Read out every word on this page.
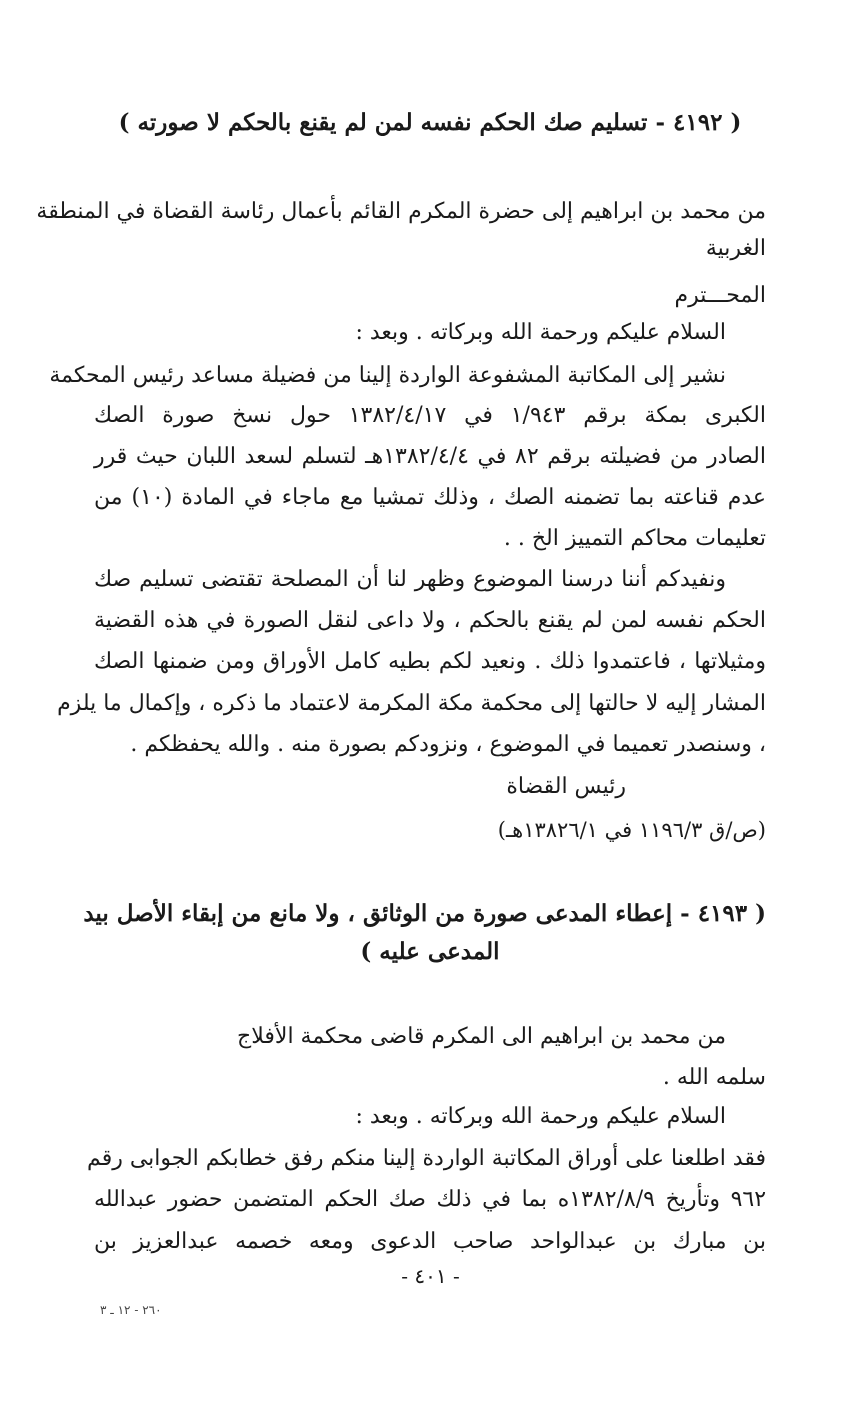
( ٤١٩٢ - تسليم صك الحكم نفسه لمن لم يقنع بالحكم لا صورته )
من محمد بن ابراهيم إلى حضرة المكرم القائم بأعمال رئاسة القضاة في المنطقة
الغربية
المحـــترم
السلام عليكم ورحمة الله وبركاته . وبعد :
نشير إلى المكاتبة المشفوعة الواردة إلينا من فضيلة مساعد رئيس المحكمة
الكبرى بمكة برقم ١/٩٤٣ في ١٣٨٢/٤/١٧ حول نسخ صورة الصك
الصادر من فضيلته برقم ٨٢ في ١٣٨٢/٤/٤هـ لتسلم لسعد اللبان حيث قرر
عدم قناعته بما تضمنه الصك ، وذلك تمشيا مع ماجاء في المادة (١٠) من
تعليمات محاكم التمييز الخ . .
ونفيدكم أننا درسنا الموضوع وظهر لنا أن المصلحة تقتضى تسليم صك
الحكم نفسه لمن لم يقنع بالحكم ، ولا داعى لنقل الصورة في هذه القضية
ومثيلاتها ، فاعتمدوا ذلك . ونعيد لكم بطيه كامل الأوراق ومن ضمنها الصك
المشار إليه لا حالتها إلى محكمة مكة المكرمة لاعتماد ما ذكره ، وإكمال ما يلزم
، وسنصدر تعميما في الموضوع ، ونزودكم بصورة منه . والله يحفظكم .
رئيس القضاة
(ص/ق ١١٩٦/٣ في ١٣٨٢٦/١هـ)
( ٤١٩٣ - إعطاء المدعى صورة من الوثائق ، ولا مانع من إبقاء الأصل بيد
المدعى عليه )
من محمد بن ابراهيم الى المكرم قاضى محكمة الأفلاج
سلمه الله .
السلام عليكم ورحمة الله وبركاته . وبعد :
فقد اطلعنا على أوراق المكاتبة الواردة إلينا منكم رفق خطابكم الجوابى رقم
٩٦٢ وتأريخ ١٣٨٢/٨/٩ه بما في ذلك صك الحكم المتضمن حضور عبدالله
بن مبارك بن عبدالواحد صاحب الدعوى ومعه خصمه عبدالعزيز بن
- ٤٠١ -
٢٦٠ - ١٢ ـ ٣
